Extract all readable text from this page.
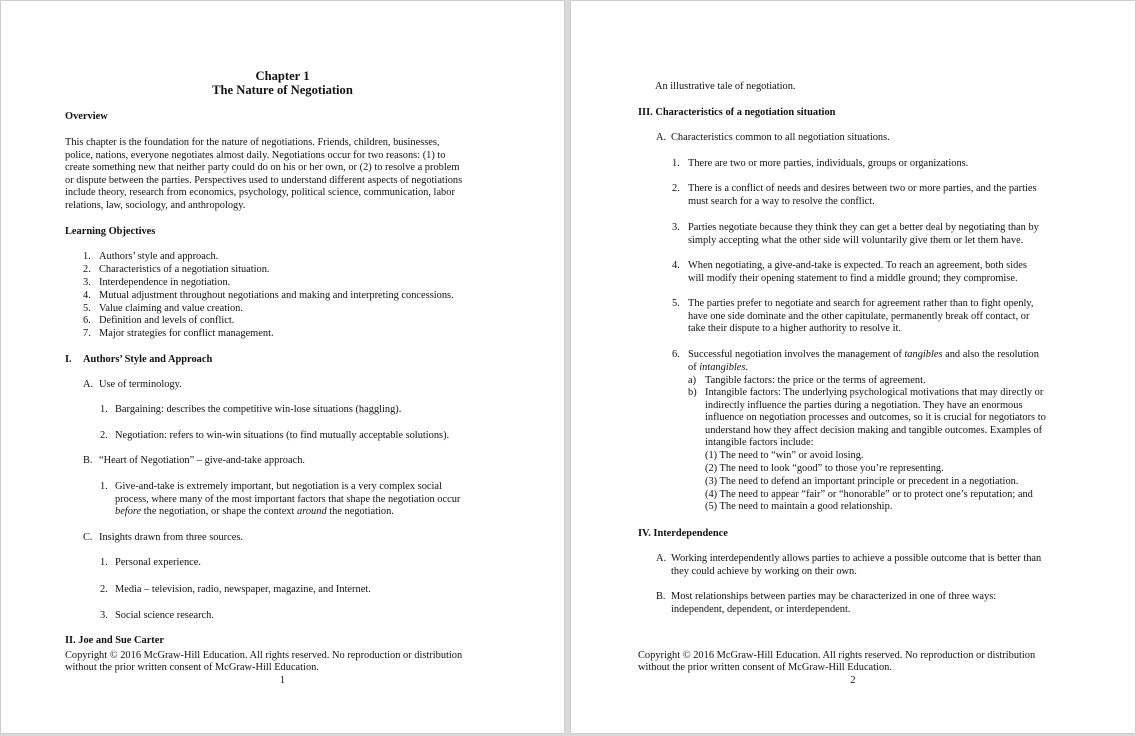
Chapter 1
The Nature of Negotiation
Overview
This chapter is the foundation for the nature of negotiations. Friends, children, businesses,
police, nations, everyone negotiates almost daily. Negotiations occur for two reasons: (1) to
create something new that neither party could do on his or her own, or (2) to resolve a problem
or dispute between the parties. Perspectives used to understand different aspects of negotiations
include theory, research from economics, psychology, political science, communication, labor
relations, law, sociology, and anthropology.
Learning Objectives
1. Authors’ style and approach.
2. Characteristics of a negotiation situation.
3. Interdependence in negotiation.
4. Mutual adjustment throughout negotiations and making and interpreting concessions.
5. Value claiming and value creation.
6. Definition and levels of conflict.
7. Major strategies for conflict management.
I. Authors’ Style and Approach
A. Use of terminology.
1. Bargaining: describes the competitive win-lose situations (haggling).
2. Negotiation: refers to win-win situations (to find mutually acceptable solutions).
B. “Heart of Negotiation” – give-and-take approach.
1. Give-and-take is extremely important, but negotiation is a very complex social
process, where many of the most important factors that shape the negotiation occur
before the negotiation, or shape the context around the negotiation.
C. Insights drawn from three sources.
1. Personal experience.
2. Media – television, radio, newspaper, magazine, and Internet.
3. Social science research.
II. Joe and Sue Carter
Copyright © 2016 McGraw-Hill Education. All rights reserved. No reproduction or distribution
without the prior written consent of McGraw-Hill Education.
1
An illustrative tale of negotiation.
III. Characteristics of a negotiation situation
A. Characteristics common to all negotiation situations.
1. There are two or more parties, individuals, groups or organizations.
2. There is a conflict of needs and desires between two or more parties, and the parties
must search for a way to resolve the conflict.
3. Parties negotiate because they think they can get a better deal by negotiating than by
simply accepting what the other side will voluntarily give them or let them have.
4. When negotiating, a give-and-take is expected. To reach an agreement, both sides
will modify their opening statement to find a middle ground; they compromise.
5. The parties prefer to negotiate and search for agreement rather than to fight openly,
have one side dominate and the other capitulate, permanently break off contact, or
take their dispute to a higher authority to resolve it.
6. Successful negotiation involves the management of tangibles and also the resolution
of intangibles.
a) Tangible factors: the price or the terms of agreement.
b) Intangible factors: The underlying psychological motivations that may directly or
indirectly influence the parties during a negotiation. They have an enormous
influence on negotiation processes and outcomes, so it is crucial for negotiators to
understand how they affect decision making and tangible outcomes. Examples of
intangible factors include:
(1) The need to “win” or avoid losing.
(2) The need to look “good” to those you’re representing.
(3) The need to defend an important principle or precedent in a negotiation.
(4) The need to appear “fair” or “honorable” or to protect one’s reputation; and
(5) The need to maintain a good relationship.
IV. Interdependence
A. Working interdependently allows parties to achieve a possible outcome that is better than
they could achieve by working on their own.
B. Most relationships between parties may be characterized in one of three ways:
independent, dependent, or interdependent.
Copyright © 2016 McGraw-Hill Education. All rights reserved. No reproduction or distribution
without the prior written consent of McGraw-Hill Education.
2
